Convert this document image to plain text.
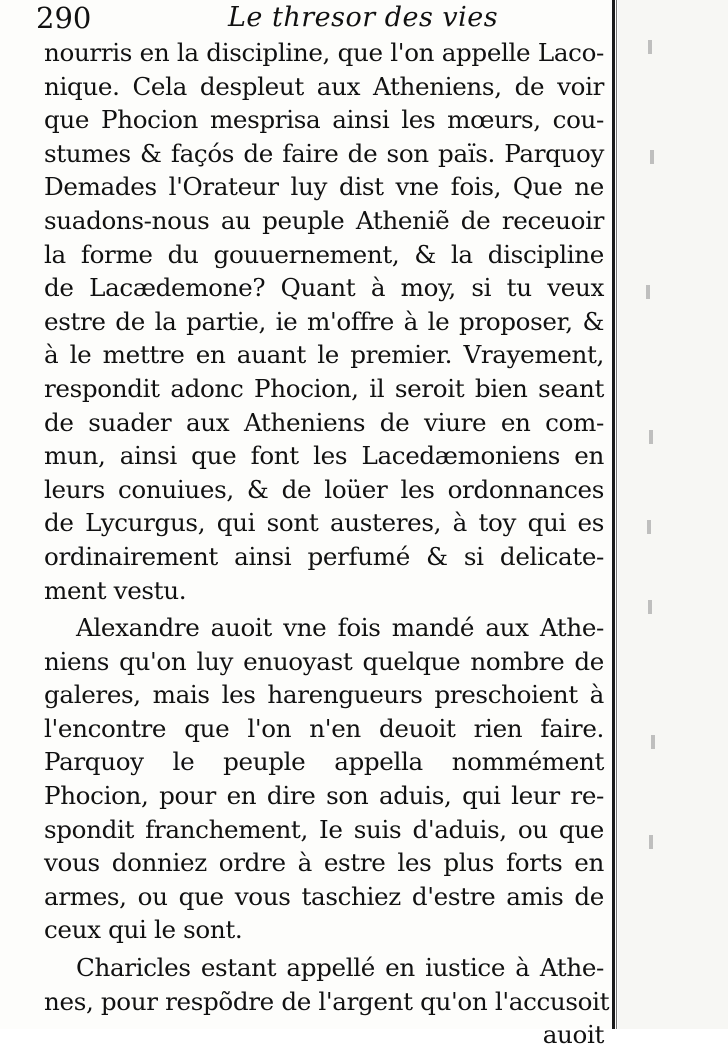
290	Le thresor des vies
nourris en la discipline, que l'on appelle Laco-
nique. Cela despleut aux Atheniens, de voir
que Phocion mesprisa ainsi les mœurs, cou-
stumes & façós de faire de son païs. Parquoy
Demades l'Orateur luy dist vne fois, Que ne
suadons-nous au peuple Atheniẽ de receuoir
la forme du gouuernement, & la discipline
de Lacædemone? Quant à moy, si tu veux
estre de la partie, ie m'offre à le proposer, &
à le mettre en auant le premier. Vrayement,
respondit adonc Phocion, il seroit bien seant
de suader aux Atheniens de viure en com-
mun, ainsi que font les Lacedæmoniens en
leurs conuiues, & de loüer les ordonnances
de Lycurgus, qui sont austeres, à toy qui es
ordinairement ainsi perfumé & si delicate-
ment vestu.
Alexandre auoit vne fois mandé aux Athe-
niens qu'on luy enuoyast quelque nombre de
galeres, mais les harengueurs preschoient à
l'encontre que l'on n'en deuoit rien faire.
Parquoy le peuple appella nommément
Phocion, pour en dire son aduis, qui leur re-
spondit franchement, Ie suis d'aduis, ou que
vous donniez ordre à estre les plus forts en
armes, ou que vous taschiez d'estre amis de
ceux qui le sont.
Charicles estant appellé en iustice à Athe-
nes, pour respõdre de l'argent qu'on l'accusoit
auoit
